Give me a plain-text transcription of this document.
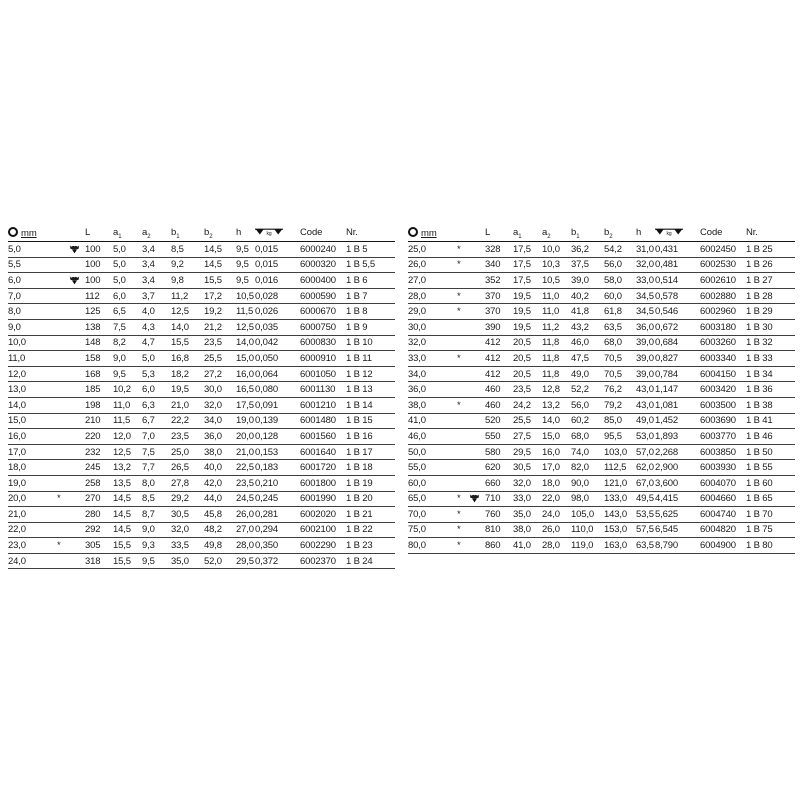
mm			L	$a_1$	$a_2$	$b_1$	$b_2$	h	kg	Code	Nr.
5,0			100	5,0	3,4	8,5	14,5	9,5	0,015	6000240	1 B 5
5,5			100	5,0	3,4	9,2	14,5	9,5	0,015	6000320	1 B 5,5
6,0			100	5,0	3,4	9,8	15,5	9,5	0,016	6000400	1 B 6
7,0			112	6,0	3,7	11,2	17,2	10,5	0,028	6000590	1 B 7
8,0			125	6,5	4,0	12,5	19,2	11,5	0,026	6000670	1 B 8
9,0			138	7,5	4,3	14,0	21,2	12,5	0,035	6000750	1 B 9
10,0			148	8,2	4,7	15,5	23,5	14,0	0,042	6000830	1 B 10
11,0			158	9,0	5,0	16,8	25,5	15,0	0,050	6000910	1 B 11
12,0			168	9,5	5,3	18,2	27,2	16,0	0,064	6001050	1 B 12
13,0			185	10,2	6,0	19,5	30,0	16,5	0,080	6001130	1 B 13
14,0			198	11,0	6,3	21,0	32,0	17,5	0,091	6001210	1 B 14
15,0			210	11,5	6,7	22,2	34,0	19,0	0,139	6001480	1 B 15
16,0			220	12,0	7,0	23,5	36,0	20,0	0,128	6001560	1 B 16
17,0			232	12,5	7,5	25,0	38,0	21,0	0,153	6001640	1 B 17
18,0			245	13,2	7,7	26,5	40,0	22,5	0,183	6001720	1 B 18
19,0			258	13,5	8,0	27,8	42,0	23,5	0,210	6001800	1 B 19
20,0	*		270	14,5	8,5	29,2	44,0	24,5	0,245	6001990	1 B 20
21,0			280	14,5	8,7	30,5	45,8	26,0	0,281	6002020	1 B 21
22,0			292	14,5	9,0	32,0	48,2	27,0	0,294	6002100	1 B 22
23,0	*		305	15,5	9,3	33,5	49,8	28,0	0,350	6002290	1 B 23
24,0			318	15,5	9,5	35,0	52,0	29,5	0,372	6002370	1 B 24
mm			L	$a_1$	$a_2$	$b_1$	$b_2$	h	kg	Code	Nr.
25,0	*		328	17,5	10,0	36,2	54,2	31,0	0,431	6002450	1 B 25
26,0	*		340	17,5	10,3	37,5	56,0	32,0	0,481	6002530	1 B 26
27,0			352	17,5	10,5	39,0	58,0	33,0	0,514	6002610	1 B 27
28,0	*		370	19,5	11,0	40,2	60,0	34,5	0,578	6002880	1 B 28
29,0	*		370	19,5	11,0	41,8	61,8	34,5	0,546	6002960	1 B 29
30,0			390	19,5	11,2	43,2	63,5	36,0	0,672	6003180	1 B 30
32,0			412	20,5	11,8	46,0	68,0	39,0	0,684	6003260	1 B 32
33,0	*		412	20,5	11,8	47,5	70,5	39,0	0,827	6003340	1 B 33
34,0			412	20,5	11,8	49,0	70,5	39,0	0,784	6004150	1 B 34
36,0			460	23,5	12,8	52,2	76,2	43,0	1,147	6003420	1 B 36
38,0	*		460	24,2	13,2	56,0	79,2	43,0	1,081	6003500	1 B 38
41,0			520	25,5	14,0	60,2	85,0	49,0	1,452	6003690	1 B 41
46,0			550	27,5	15,0	68,0	95,5	53,0	1,893	6003770	1 B 46
50,0			580	29,5	16,0	74,0	103,0	57,0	2,268	6003850	1 B 50
55,0			620	30,5	17,0	82,0	112,5	62,0	2,900	6003930	1 B 55
60,0			660	32,0	18,0	90,0	121,0	67,0	3,600	6004070	1 B 60
65,0	*		710	33,0	22,0	98,0	133,0	49,5	4,415	6004660	1 B 65
70,0	*		760	35,0	24,0	105,0	143,0	53,5	5,625	6004740	1 B 70
75,0	*		810	38,0	26,0	110,0	153,0	57,5	6,545	6004820	1 B 75
80,0	*		860	41,0	28,0	119,0	163,0	63,5	8,790	6004900	1 B 80
